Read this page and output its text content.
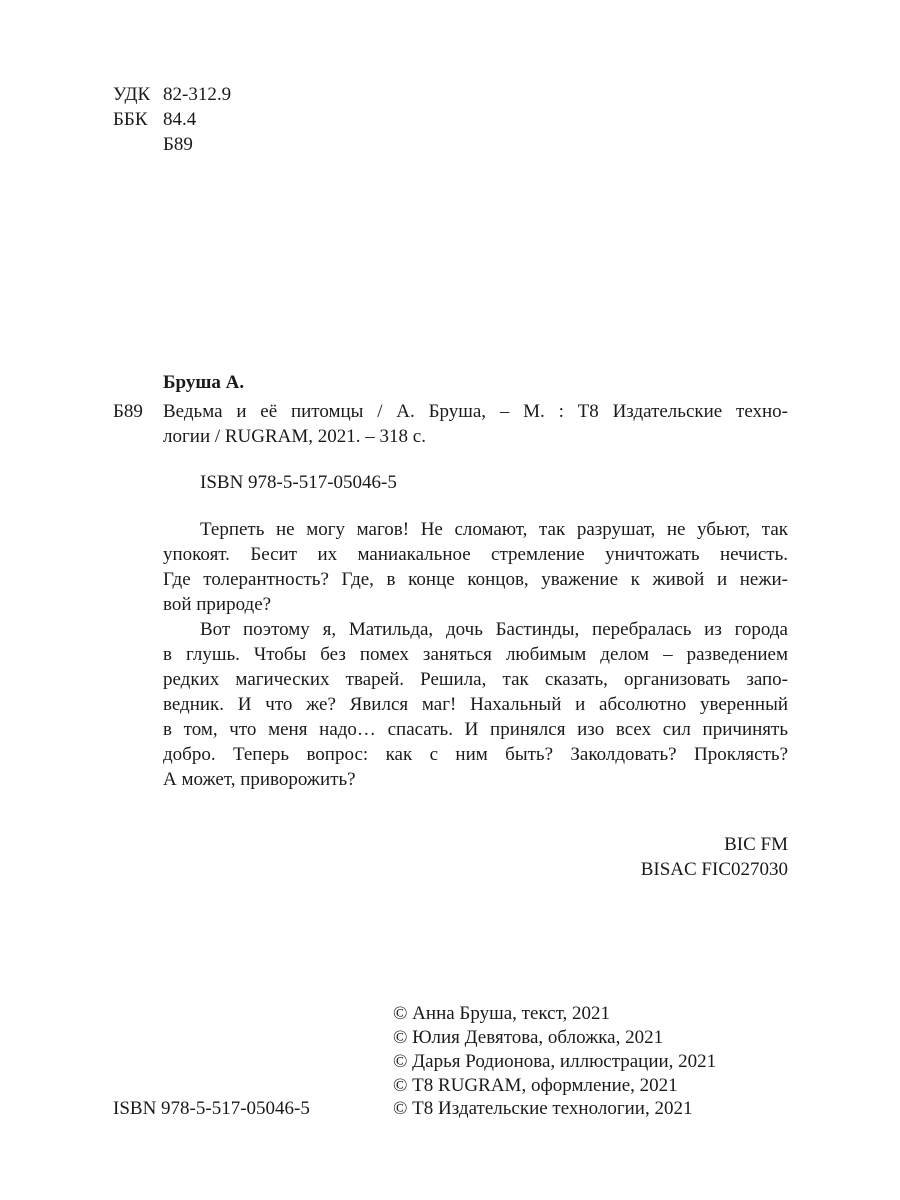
УДК 82-312.9
ББК 84.4
Б89
Бруша А.
Б89 Ведьма и её питомцы / А. Бруша, – М. : Т8 Издательские техно-
логии / RUGRAM, 2021. – 318 с.
ISBN 978-5-517-05046-5
Терпеть не могу магов! Не сломают, так разрушат, не убьют, так
упокоят. Бесит их маниакальное стремление уничтожать нечисть.
Где толерантность? Где, в конце концов, уважение к живой и нежи-
вой природе?
Вот поэтому я, Матильда, дочь Бастинды, перебралась из города
в глушь. Чтобы без помех заняться любимым делом – разведением
редких магических тварей. Решила, так сказать, организовать запо-
ведник. И что же? Явился маг! Нахальный и абсолютно уверенный
в том, что меня надо… спасать. И принялся изо всех сил причинять
добро. Теперь вопрос: как с ним быть? Заколдовать? Проклясть?
А может, приворожить?
BIC FM
BISAC FIC027030
© Анна Бруша, текст, 2021
© Юлия Девятова, обложка, 2021
© Дарья Родионова, иллюстрации, 2021
© Т8 RUGRAM, оформление, 2021
© Т8 Издательские технологии, 2021
ISBN 978-5-517-05046-5
